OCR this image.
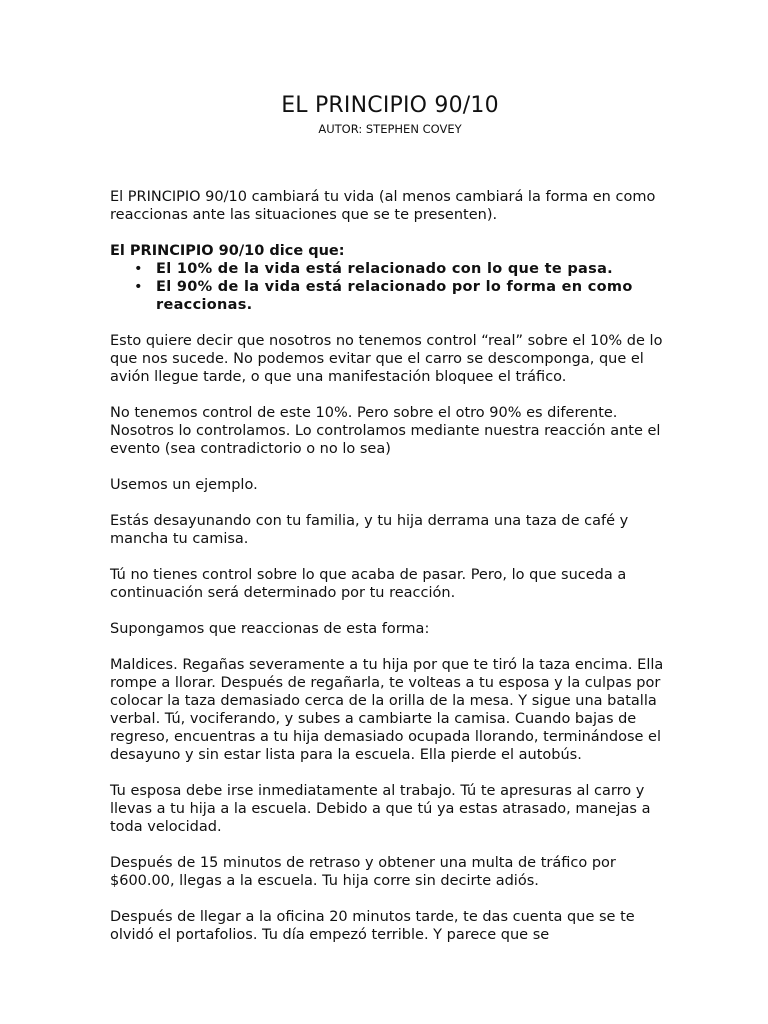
EL PRINCIPIO 90/10
AUTOR: STEPHEN COVEY

El PRINCIPIO 90/10 cambiará tu vida (al menos cambiará la forma en como reaccionas ante las situaciones que se te presenten).

El PRINCIPIO 90/10 dice que:

• El 10% de la vida está relacionado con lo que te pasa.
• El 90% de la vida está relacionado por lo forma en como reaccionas.

Esto quiere decir que nosotros no tenemos control “real” sobre el 10% de lo que nos sucede. No podemos evitar que el carro se descomponga, que el avión llegue tarde, o que una manifestación bloquee el tráfico.

No tenemos control de este 10%. Pero sobre el otro 90% es diferente. Nosotros lo controlamos. Lo controlamos mediante nuestra reacción ante el evento (sea contradictorio o no lo sea)

Usemos un ejemplo.

Estás desayunando con tu familia, y tu hija derrama una taza de café y mancha tu camisa.

Tú no tienes control sobre lo que acaba de pasar. Pero, lo que suceda a continuación será determinado por tu reacción.

Supongamos que reaccionas de esta forma:

Maldices. Regañas severamente a tu hija por que te tiró la taza encima. Ella rompe a llorar. Después de regañarla, te volteas a tu esposa y la culpas por colocar la taza demasiado cerca de la orilla de la mesa. Y sigue una batalla verbal. Tú, vociferando, y subes a cambiarte la camisa. Cuando bajas de regreso, encuentras a tu hija demasiado ocupada llorando, terminándose el desayuno y sin estar lista para la escuela. Ella pierde el autobús.

Tu esposa debe irse inmediatamente al trabajo. Tú te apresuras al carro y llevas a tu hija a la escuela. Debido a que tú ya estas atrasado, manejas a toda velocidad.

Después de 15 minutos de retraso y obtener una multa de tráfico por $600.00, llegas a la escuela. Tu hija corre sin decirte adiós.

Después de llegar a la oficina 20 minutos tarde, te das cuenta que se te olvidó el portafolios. Tu día empezó terrible. Y parece que se
